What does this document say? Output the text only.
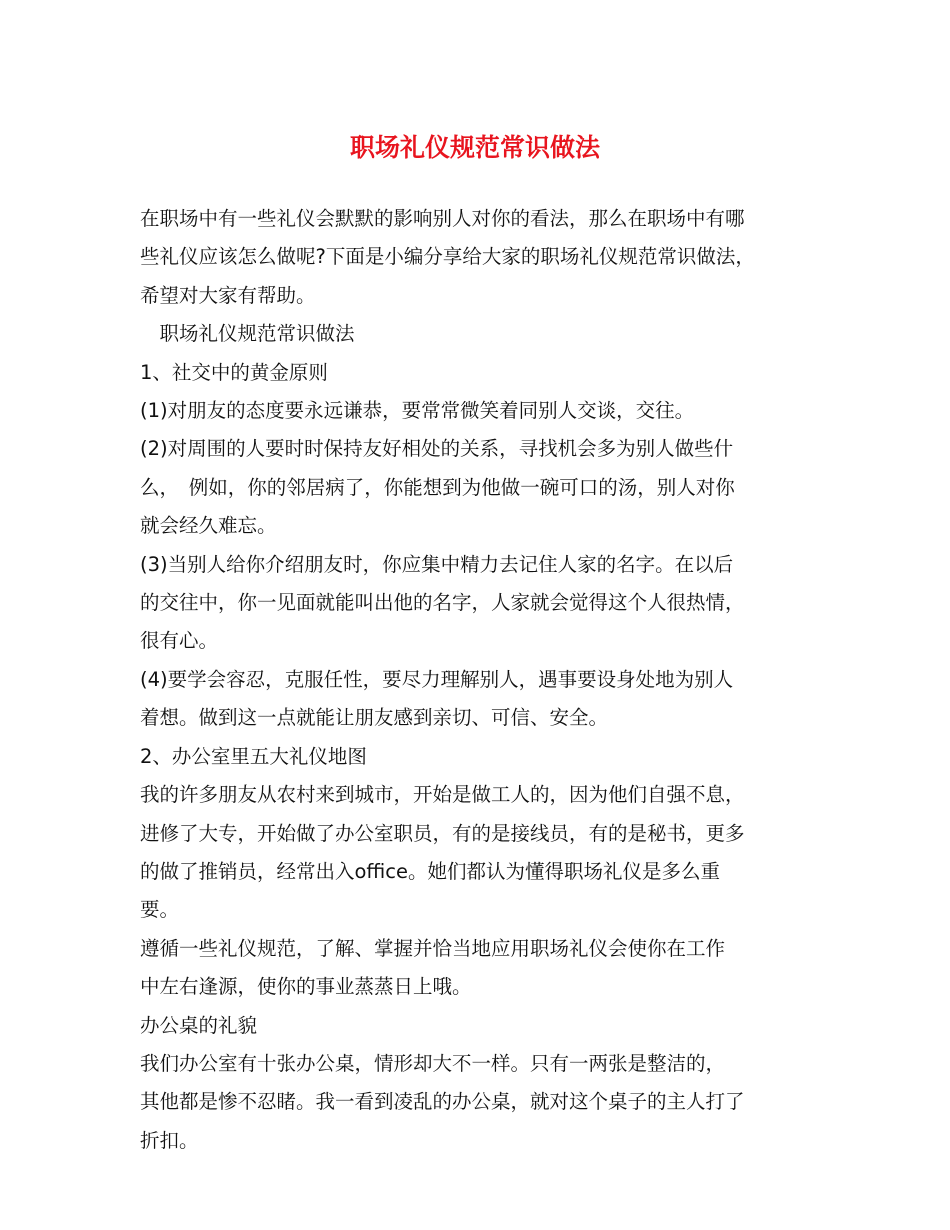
职场礼仪规范常识做法
在职场中有一些礼仪会默默的影响别人对你的看法，那么在职场中有哪
些礼仪应该怎么做呢?下面是小编分享给大家的职场礼仪规范常识做法，
希望对大家有帮助。
　职场礼仪规范常识做法
1、社交中的黄金原则
(1)对朋友的态度要永远谦恭，要常常微笑着同别人交谈，交往。
(2)对周围的人要时时保持友好相处的关系，寻找机会多为别人做些什
么，　例如，你的邻居病了，你能想到为他做一碗可口的汤，别人对你
就会经久难忘。
(3)当别人给你介绍朋友时，你应集中精力去记住人家的名字。在以后
的交往中，你一见面就能叫出他的名字，人家就会觉得这个人很热情，
很有心。
(4)要学会容忍，克服任性，要尽力理解别人，遇事要设身处地为别人
着想。做到这一点就能让朋友感到亲切、可信、安全。
2、办公室里五大礼仪地图
我的许多朋友从农村来到城市，开始是做工人的，因为他们自强不息，
进修了大专，开始做了办公室职员，有的是接线员，有的是秘书，更多
的做了推销员，经常出入office。她们都认为懂得职场礼仪是多么重
要。
遵循一些礼仪规范，了解、掌握并恰当地应用职场礼仪会使你在工作
中左右逢源，使你的事业蒸蒸日上哦。
办公桌的礼貌
我们办公室有十张办公桌，情形却大不一样。只有一两张是整洁的，
其他都是惨不忍睹。我一看到凌乱的办公桌，就对这个桌子的主人打了
折扣。
